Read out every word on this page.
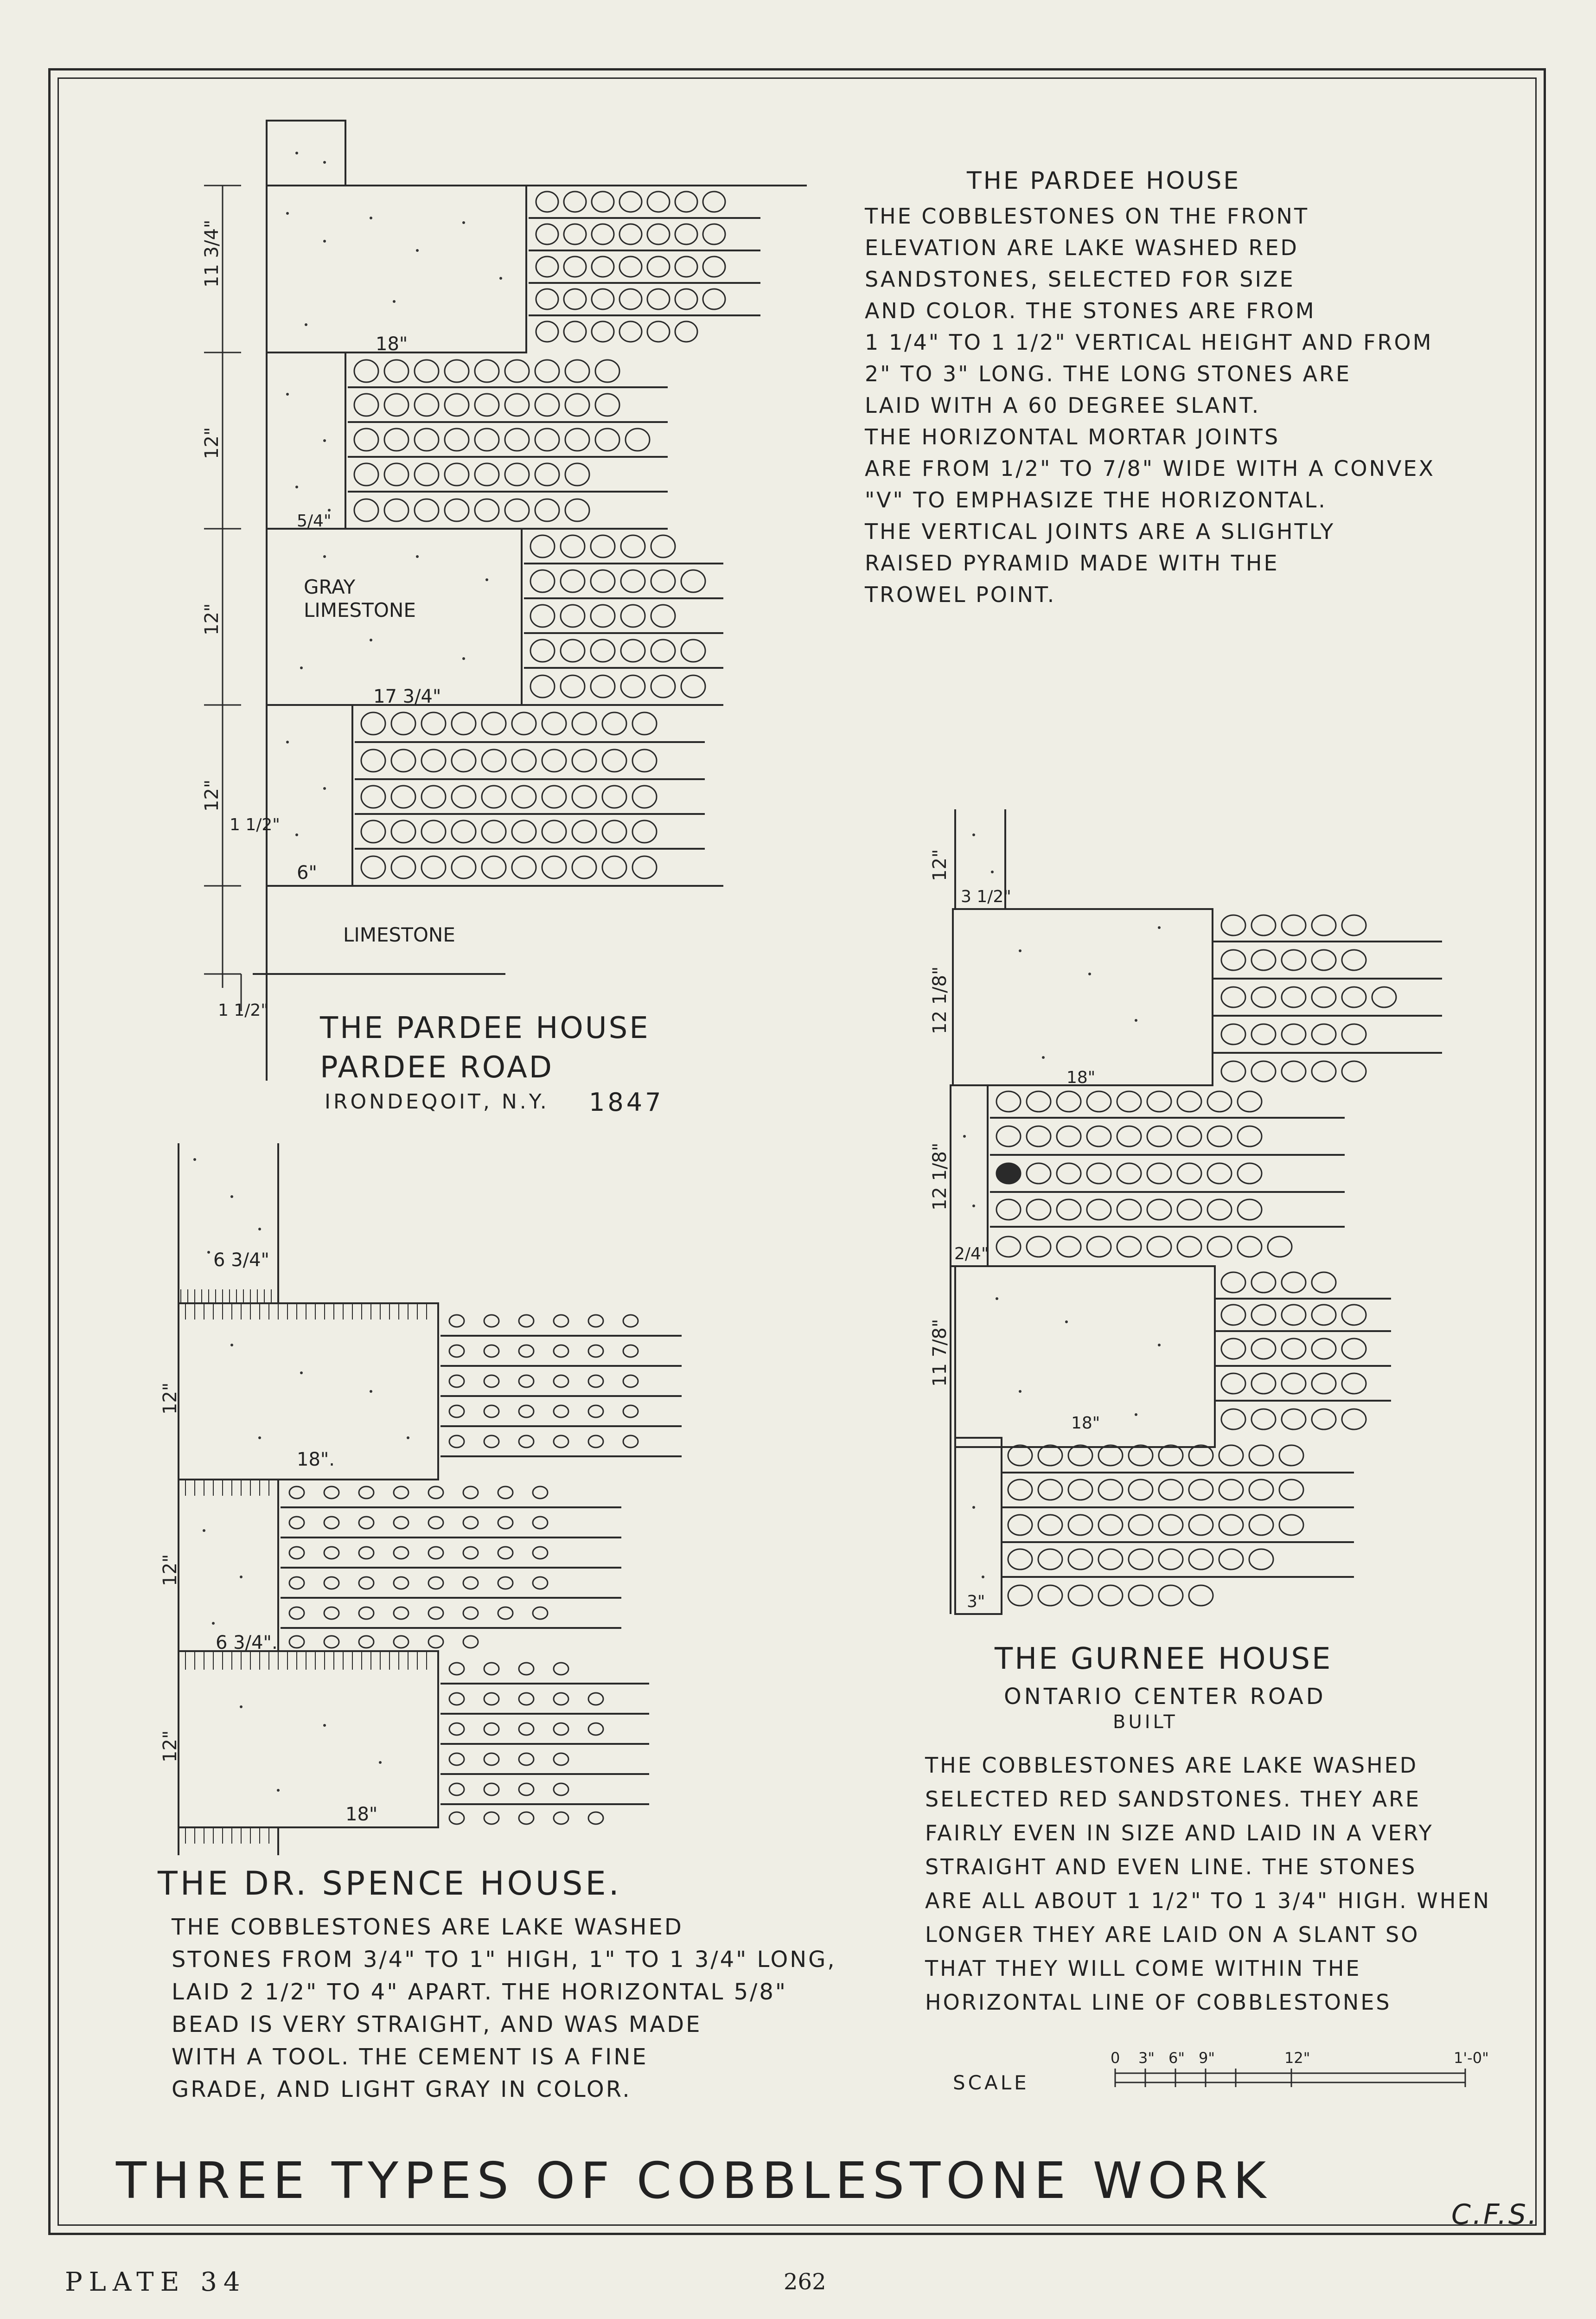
18"
5/4"
GRAY
LIMESTONE
17 3/4"
1 1/2"
6"
LIMESTONE
1 1/2"
11 3/4"
12"
12"
12"
12"
3 1/2"
12 1/8"
18"
12 1/8"
2/4"
11 7/8"
18"
3"
6 3/4"
12"
18".
12"
6 3/4".
12"
18"
SCALE
0 3" 6" 9"	12"	1'-0"
THE PARDEE HOUSE
PARDEE ROAD
IRONDEQOIT, N.Y. 1847
THE PARDEE HOUSE
THE COBBLESTONES ON THE FRONT
ELEVATION ARE LAKE WASHED RED
SANDSTONES, SELECTED FOR SIZE
AND COLOR. THE STONES ARE FROM
1 1/4" TO 1 1/2" VERTICAL HEIGHT AND FROM
2" TO 3" LONG. THE LONG STONES ARE
LAID WITH A 60 DEGREE SLANT.
THE HORIZONTAL MORTAR JOINTS
ARE FROM 1/2" TO 7/8" WIDE WITH A CONVEX
"V" TO EMPHASIZE THE HORIZONTAL.
THE VERTICAL JOINTS ARE A SLIGHTLY
RAISED PYRAMID MADE WITH THE
TROWEL POINT.
THE GURNEE HOUSE
ONTARIO CENTER ROAD
BUILT
THE COBBLESTONES ARE LAKE WASHED
SELECTED RED SANDSTONES. THEY ARE
FAIRLY EVEN IN SIZE AND LAID IN A VERY
STRAIGHT AND EVEN LINE. THE STONES
ARE ALL ABOUT 1 1/2" TO 1 3/4" HIGH. WHEN
LONGER THEY ARE LAID ON A SLANT SO
THAT THEY WILL COME WITHIN THE
HORIZONTAL LINE OF COBBLESTONES
THE DR. SPENCE HOUSE.
THE COBBLESTONES ARE LAKE WASHED
STONES FROM 3/4" TO 1" HIGH, 1" TO 1 3/4" LONG,
LAID 2 1/2" TO 4" APART. THE HORIZONTAL 5/8"
BEAD IS VERY STRAIGHT, AND WAS MADE
WITH A TOOL. THE CEMENT IS A FINE
GRADE, AND LIGHT GRAY IN COLOR.
THREE TYPES OF COBBLESTONE WORK
C.F.S.
PLATE 34	262
